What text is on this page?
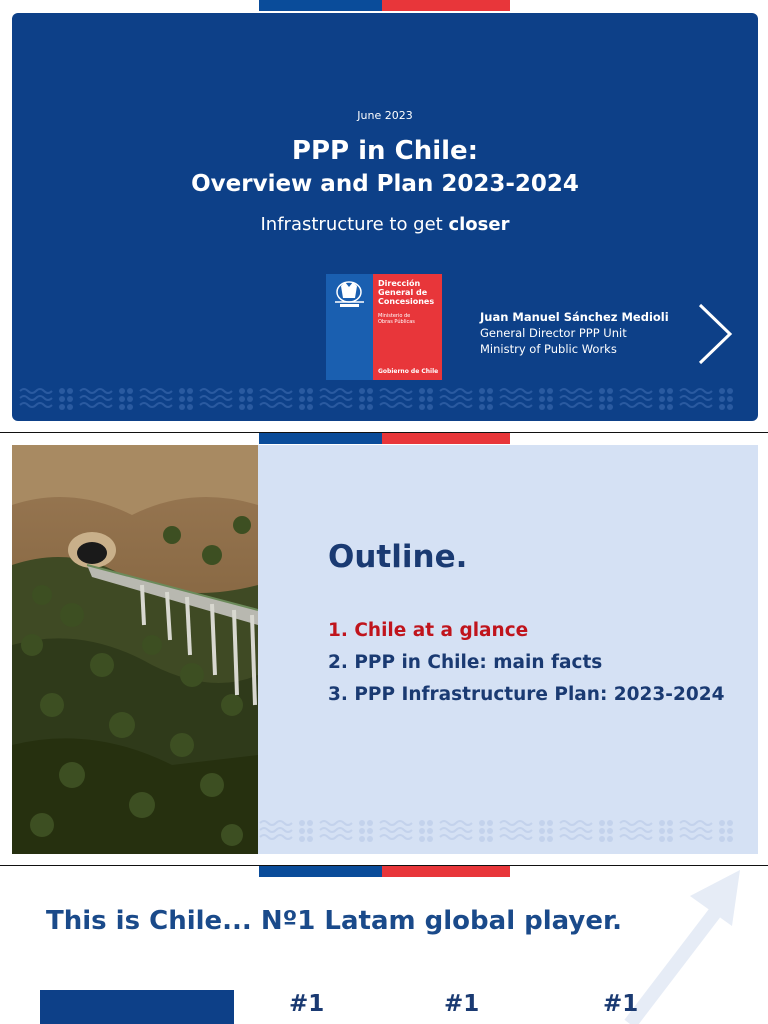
June 2023
PPP in Chile:
Overview and Plan 2023-2024
Infrastructure to get closer
Dirección
General de
Concesiones
Ministerio de
Obras Públicas
Gobierno de Chile
Juan Manuel Sánchez Medioli
General Director PPP Unit
Ministry of Public Works
Outline.
1. Chile at a glance
2. PPP in Chile: main facts
3. PPP Infrastructure Plan: 2023-2024
This is Chile... Nº1 Latam global player.
#1	#1	#1
